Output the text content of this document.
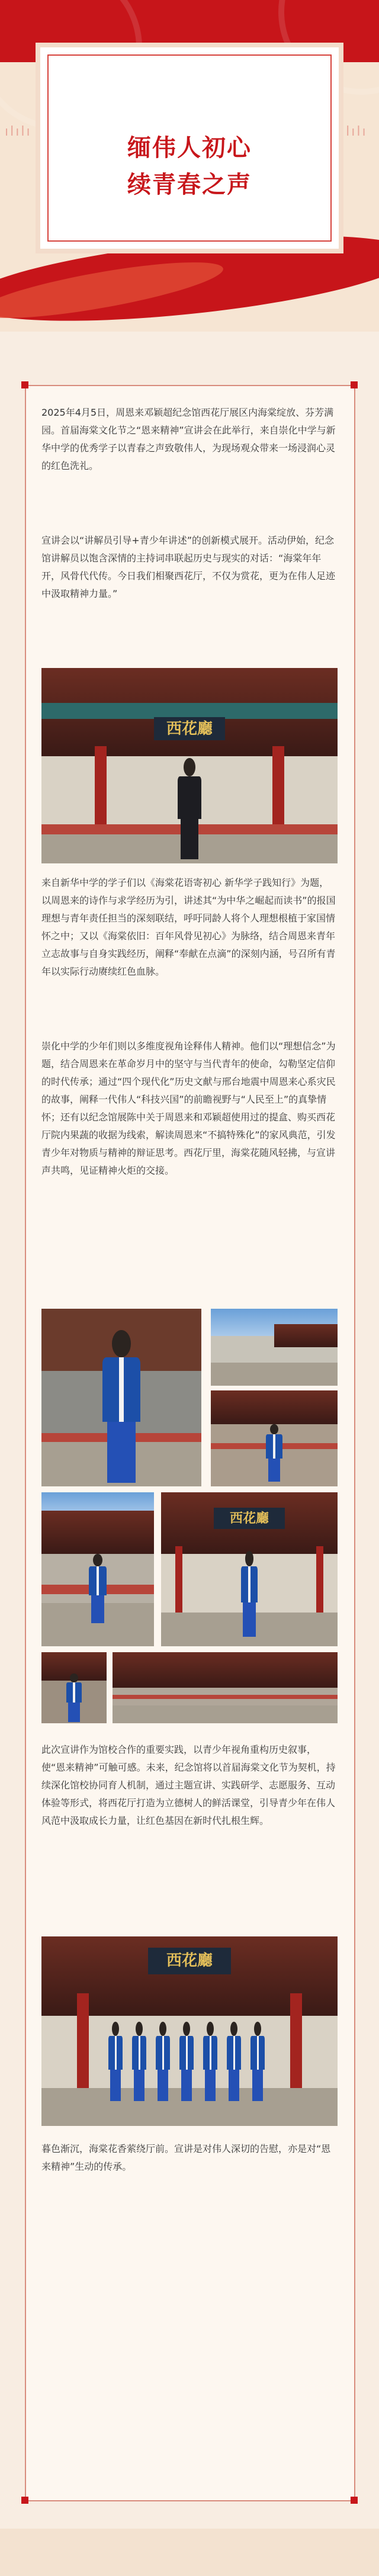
ılılı	ılılı
缅伟人初心
续青春之声
2025年4月5日，周恩来邓颖超纪念馆西花厅展区内海棠绽放、芬芳满园。首届海棠文化节之“恩来精神”宣讲会在此举行，来自崇化中学与新华中学的优秀学子以青春之声致敬伟人，为现场观众带来一场浸润心灵的红色洗礼。
宣讲会以“讲解员引导+青少年讲述”的创新模式展开。活动伊始，纪念馆讲解员以饱含深情的主持词串联起历史与现实的对话：“海棠年年开，风骨代代传。今日我们相聚西花厅，不仅为赏花，更为在伟人足迹中汲取精神力量。”
西花廳
来自新华中学的学子们以《海棠花语寄初心 新华学子践知行》为题，以周恩来的诗作与求学经历为引，讲述其“为中华之崛起而读书”的报国理想与青年责任担当的深刻联结，呼吁同龄人将个人理想根植于家国情怀之中；又以《海棠依旧：百年风骨见初心》为脉络，结合周恩来青年立志故事与自身实践经历，阐释“奉献在点滴”的深刻内涵，号召所有青年以实际行动赓续红色血脉。
崇化中学的少年们则以多维度视角诠释伟人精神。他们以“理想信念”为题，结合周恩来在革命岁月中的坚守与当代青年的使命，勾勒坚定信仰的时代传承；通过“四个现代化”历史文献与邢台地震中周恩来心系灾民的故事，阐释一代伟人“科技兴国”的前瞻视野与“人民至上”的真挚情怀；还有以纪念馆展陈中关于周恩来和邓颖超使用过的提盒、购买西花厅院内果蔬的收据为线索，解读周恩来“不搞特殊化”的家风典范，引发青少年对物质与精神的辩证思考。西花厅里，海棠花随风轻拂，与宣讲声共鸣，见证精神火炬的交接。
西花廳
此次宣讲作为馆校合作的重要实践，以青少年视角重构历史叙事，使“恩来精神”可触可感。未来，纪念馆将以首届海棠文化节为契机，持续深化馆校协同育人机制，通过主题宣讲、实践研学、志愿服务、互动体验等形式，将西花厅打造为立德树人的鲜活课堂，引导青少年在伟人风范中汲取成长力量，让红色基因在新时代扎根生辉。
西花廳
暮色渐沉，海棠花香萦绕厅前。宣讲是对伟人深切的告慰，亦是对“恩来精神”生动的传承。
